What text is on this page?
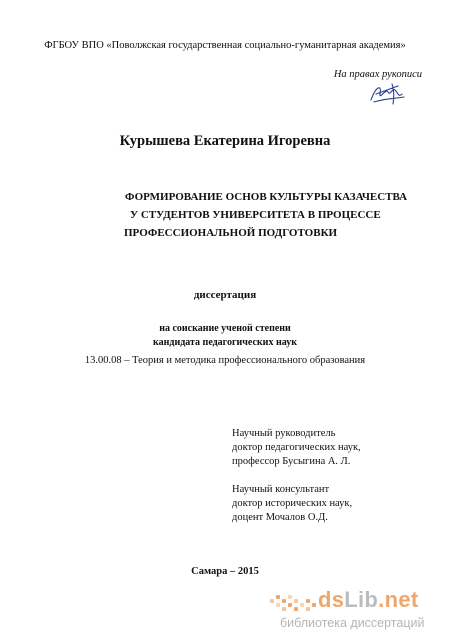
ФГБОУ ВПО «Поволжская государственная социально-гуманитарная академия»
На правах рукописи
Курышева Екатерина Игоревна
ФОРМИРОВАНИЕ ОСНОВ КУЛЬТУРЫ КАЗАЧЕСТВА
У СТУДЕНТОВ УНИВЕРСИТЕТА В ПРОЦЕССЕ
ПРОФЕССИОНАЛЬНОЙ ПОДГОТОВКИ
диссертация
на соискание ученой степени
кандидата педагогических наук
13.00.08 – Теория и методика профессионального образования
Научный руководитель
доктор педагогических наук,
профессор Бусыгина А. Л.
Научный консультант
доктор исторических наук,
доцент Мочалов О.Д.
Самара – 2015
dsLib.net
библиотека диссертаций
